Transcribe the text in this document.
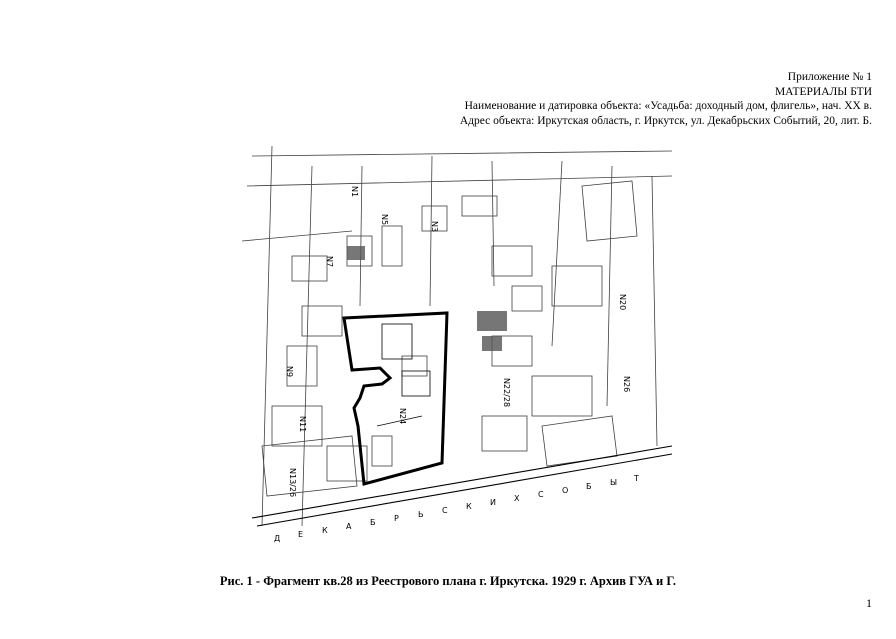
Приложение № 1
МАТЕРИАЛЫ БТИ
Наименование и датировка объекта: «Усадьба: доходный дом, флигель», нач. XX в.
Адрес объекта: Иркутская область, г. Иркутск, ул. Декабрьских Событий, 20, лит. Б.
N7
N9
N11	N24
N26
N13/26
N20
N22/28
N5
N3
N1
Д Е К А Б Р Ь С К И Х С О Б Ы Т
Рис. 1 - Фрагмент кв.28 из Реестрового плана г. Иркутска. 1929 г. Архив ГУА и Г.
1
